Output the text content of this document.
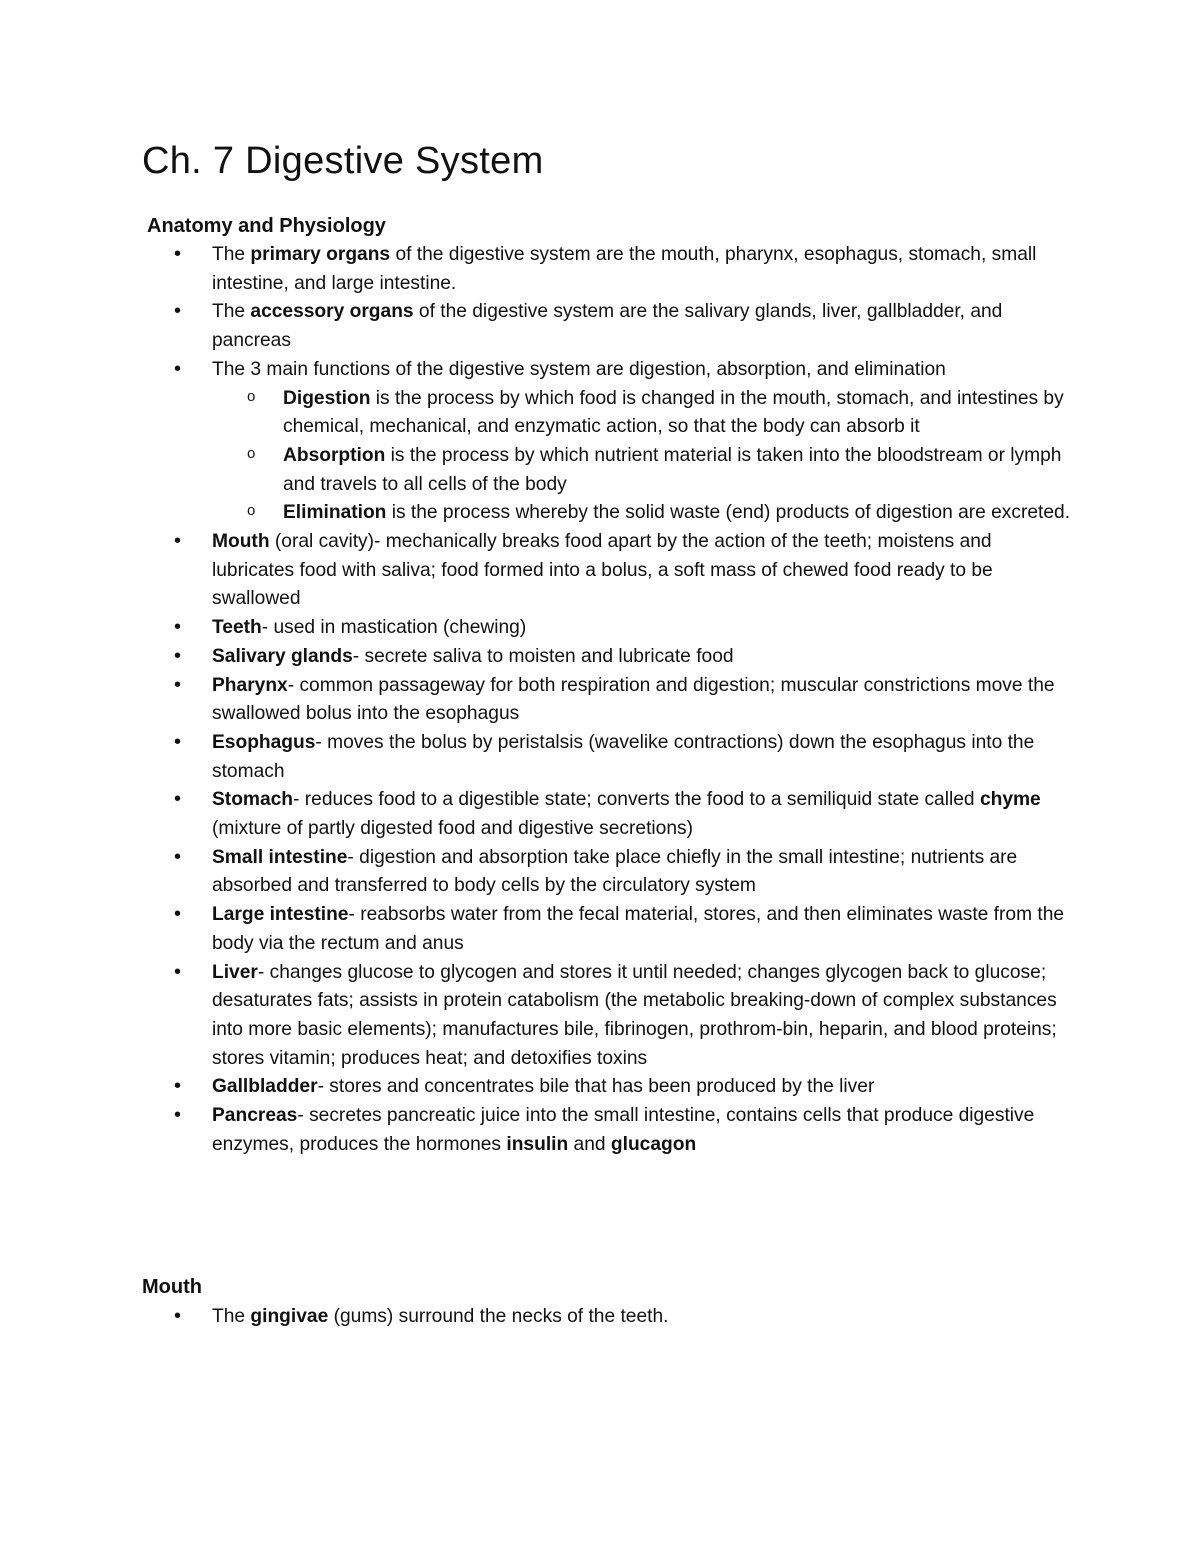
Ch. 7 Digestive System
Anatomy and Physiology
• The primary organs of the digestive system are the mouth, pharynx, esophagus, stomach, small intestine, and large intestine.
• The accessory organs of the digestive system are the salivary glands, liver, gallbladder, and pancreas
• The 3 main functions of the digestive system are digestion, absorption, and elimination
o Digestion is the process by which food is changed in the mouth, stomach, and intestines by chemical, mechanical, and enzymatic action, so that the body can absorb it
o Absorption is the process by which nutrient material is taken into the bloodstream or lymph and travels to all cells of the body
o Elimination is the process whereby the solid waste (end) products of digestion are excreted.
• Mouth (oral cavity)- mechanically breaks food apart by the action of the teeth; moistens and lubricates food with saliva; food formed into a bolus, a soft mass of chewed food ready to be swallowed
• Teeth- used in mastication (chewing)
• Salivary glands- secrete saliva to moisten and lubricate food
• Pharynx- common passageway for both respiration and digestion; muscular constrictions move the swallowed bolus into the esophagus
• Esophagus- moves the bolus by peristalsis (wavelike contractions) down the esophagus into the stomach
• Stomach- reduces food to a digestible state; converts the food to a semiliquid state called chyme (mixture of partly digested food and digestive secretions)
• Small intestine- digestion and absorption take place chiefly in the small intestine; nutrients are absorbed and transferred to body cells by the circulatory system
• Large intestine- reabsorbs water from the fecal material, stores, and then eliminates waste from the body via the rectum and anus
• Liver- changes glucose to glycogen and stores it until needed; changes glycogen back to glucose; desaturates fats; assists in protein catabolism (the metabolic breaking-down of complex substances into more basic elements); manufactures bile, fibrinogen, prothrom-bin, heparin, and blood proteins; stores vitamin; produces heat; and detoxifies toxins
• Gallbladder- stores and concentrates bile that has been produced by the liver
• Pancreas- secretes pancreatic juice into the small intestine, contains cells that produce digestive enzymes, produces the hormones insulin and glucagon
Mouth
• The gingivae (gums) surround the necks of the teeth.
